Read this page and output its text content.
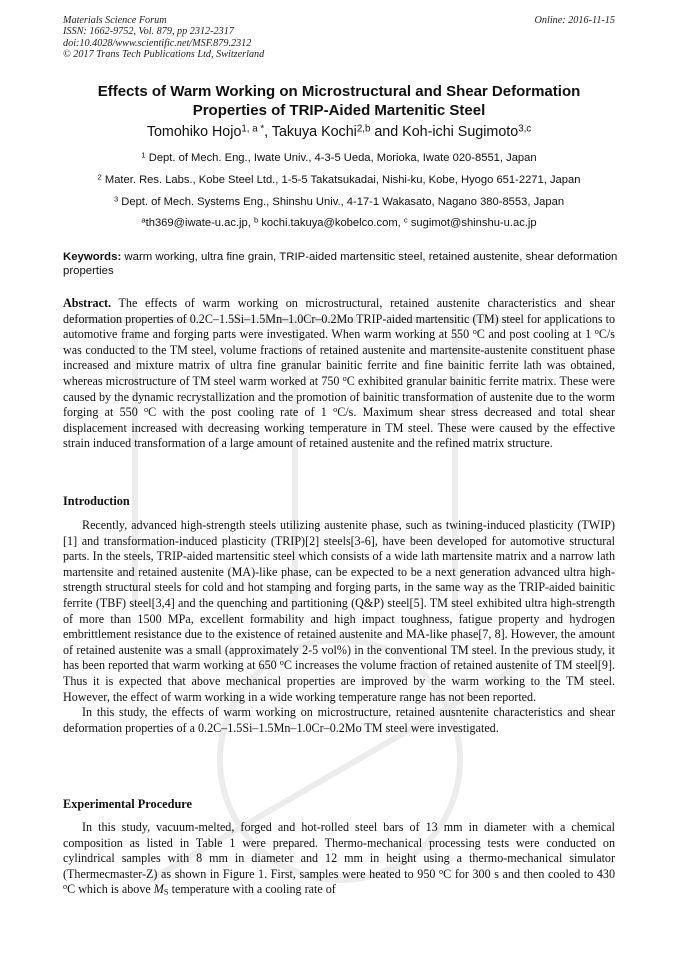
Materials Science Forum
ISSN: 1662-9752, Vol. 879, pp 2312-2317
doi:10.4028/www.scientific.net/MSF.879.2312
© 2017 Trans Tech Publications Ltd, Switzerland
Online: 2016-11-15
Effects of Warm Working on Microstructural and Shear Deformation
Properties of TRIP-Aided Martenitic Steel
Tomohiko Hojo$^{1, a *}$, Takuya Kochi$^{2,b}$ and Koh-ichi Sugimoto$^{3,c}$
$^1$ Dept. of Mech. Eng., Iwate Univ., 4-3-5 Ueda, Morioka, Iwate 020-8551, Japan
$^2$ Mater. Res. Labs., Kobe Steel Ltd., 1-5-5 Takatsukadai, Nishi-ku, Kobe, Hyogo 651-2271, Japan
$^3$ Dept. of Mech. Systems Eng., Shinshu Univ., 4-17-1 Wakasato, Nagano 380-8553, Japan
$^a$th369@iwate-u.ac.jp, $^b$ kochi.takuya@kobelco.com, $^c$ sugimot@shinshu-u.ac.jp
Keywords: warm working, ultra fine grain, TRIP-aided martensitic steel, retained austenite, shear deformation properties

Abstract. The effects of warm working on microstructural, retained austenite characteristics and shear deformation properties of 0.2C–1.5Si–1.5Mn–1.0Cr–0.2Mo TRIP-aided martensitic (TM) steel for applications to automotive frame and forging parts were investigated. When warm working at 550 $^o$C and post cooling at 1 $^o$C/s was conducted to the TM steel, volume fractions of retained austenite and martensite-austenite constituent phase increased and mixture matrix of ultra fine granular bainitic ferrite and fine bainitic ferrite lath was obtained, whereas microstructure of TM steel warm worked at 750 $^o$C exhibited granular bainitic ferrite matrix. These were caused by the dynamic recrystallization and the promotion of bainitic transformation of austenite due to the worm forging at 550 $^o$C with the post cooling rate of 1 $^o$C/s. Maximum shear stress decreased and total shear displacement increased with decreasing working temperature in TM steel. These were caused by the effective strain induced transformation of a large amount of retained austenite and the refined matrix structure.

Introduction

Recently, advanced high-strength steels utilizing austenite phase, such as twining-induced plasticity (TWIP)[1] and transformation-induced plasticity (TRIP)[2] steels[3-6], have been developed for automotive structural parts. In the steels, TRIP-aided martensitic steel which consists of a wide lath martensite matrix and a narrow lath martensite and retained austenite (MA)-like phase, can be expected to be a next generation advanced ultra high-strength structural steels for cold and hot stamping and forging parts, in the same way as the TRIP-aided bainitic ferrite (TBF) steel[3,4] and the quenching and partitioning (Q&P) steel[5]. TM steel exhibited ultra high-strength of more than 1500 MPa, excellent formability and high impact toughness, fatigue property and hydrogen embrittlement resistance due to the existence of retained austenite and MA-like phase[7, 8]. However, the amount of retained austenite was a small (approximately 2-5 vol%) in the conventional TM steel. In the previous study, it has been reported that warm working at 650 $^o$C increases the volume fraction of retained austenite of TM steel[9]. Thus it is expected that above mechanical properties are improved by the warm working to the TM steel. However, the effect of warm working in a wide working temperature range has not been reported.

In this study, the effects of warm working on microstructure, retained ausntenite characteristics and shear deformation properties of a 0.2C–1.5Si–1.5Mn–1.0Cr–0.2Mo TM steel were investigated.

Experimental Procedure

In this study, vacuum-melted, forged and hot-rolled steel bars of 13 mm in diameter with a chemical composition as listed in Table 1 were prepared. Thermo-mechanical processing tests were conducted on cylindrical samples with 8 mm in diameter and 12 mm in height using a thermo-mechanical simulator (Thermecmaster-Z) as shown in Figure 1. First, samples were heated to 950 $^o$C for 300 s and then cooled to 430 $^o$C which is above $M_S$ temperature with a cooling rate of
